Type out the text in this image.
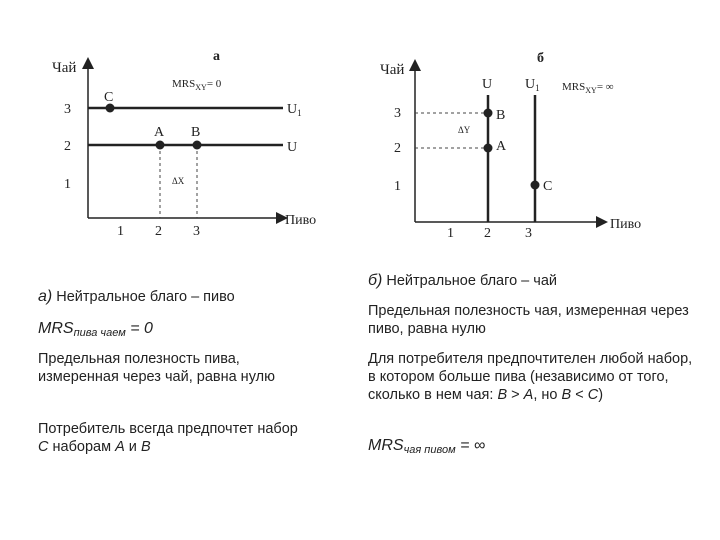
а
Чай
Пиво
1
2
3
1 2 3
$MRS_{XY}= 0$
$U_1$
U
ΔX
C
A B
б
Чай
Пиво
1
2
3
1 2 3
$MRS_{XY}=$ ∞
U $U_1$
ΔY
B
A
C
а) Нейтральное благо – пиво
$MRS_{пива чаем} = 0$
Предельная полезность пива, измеренная через чай, равна нулю
Потребитель всегда предпочтет набор С наборам А и В
б) Нейтральное благо – чай
Предельная полезность чая, измеренная через пиво, равна нулю
Для потребителя предпочтителен любой набор, в котором больше пива (независимо от того, сколько в нем чая: B > A, но B < C)
$MRS_{чая пивом}$ = ∞
